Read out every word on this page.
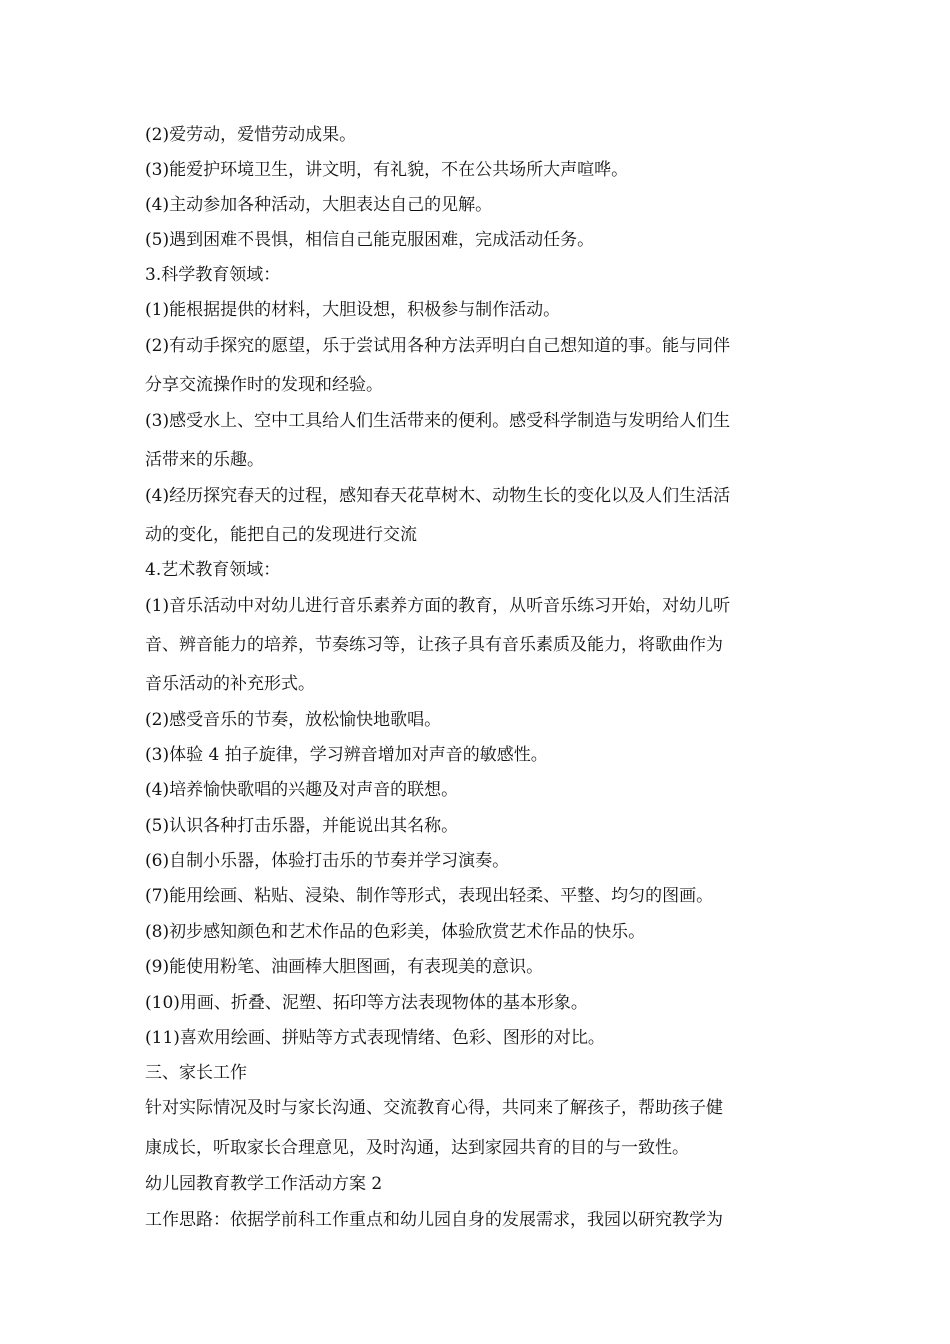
(2)爱劳动，爱惜劳动成果。
(3)能爱护环境卫生，讲文明，有礼貌，不在公共场所大声喧哗。
(4)主动参加各种活动，大胆表达自己的见解。
(5)遇到困难不畏惧，相信自己能克服困难，完成活动任务。
3.科学教育领域：
(1)能根据提供的材料，大胆设想，积极参与制作活动。
(2)有动手探究的愿望，乐于尝试用各种方法弄明白自己想知道的事。能与同伴
分享交流操作时的发现和经验。
(3)感受水上、空中工具给人们生活带来的便利。感受科学制造与发明给人们生
活带来的乐趣。
(4)经历探究春天的过程，感知春天花草树木、动物生长的变化以及人们生活活
动的变化，能把自己的发现进行交流
4.艺术教育领域：
(1)音乐活动中对幼儿进行音乐素养方面的教育，从听音乐练习开始，对幼儿听
音、辨音能力的培养，节奏练习等，让孩子具有音乐素质及能力，将歌曲作为
音乐活动的补充形式。
(2)感受音乐的节奏，放松愉快地歌唱。
(3)体验 4 拍子旋律，学习辨音增加对声音的敏感性。
(4)培养愉快歌唱的兴趣及对声音的联想。
(5)认识各种打击乐器，并能说出其名称。
(6)自制小乐器，体验打击乐的节奏并学习演奏。
(7)能用绘画、粘贴、浸染、制作等形式，表现出轻柔、平整、均匀的图画。
(8)初步感知颜色和艺术作品的色彩美，体验欣赏艺术作品的快乐。
(9)能使用粉笔、油画棒大胆图画，有表现美的意识。
(10)用画、折叠、泥塑、拓印等方法表现物体的基本形象。
(11)喜欢用绘画、拼贴等方式表现情绪、色彩、图形的对比。
三、家长工作
针对实际情况及时与家长沟通、交流教育心得，共同来了解孩子，帮助孩子健
康成长，听取家长合理意见，及时沟通，达到家园共育的目的与一致性。
幼儿园教育教学工作活动方案 2
工作思路：依据学前科工作重点和幼儿园自身的发展需求，我园以研究教学为
